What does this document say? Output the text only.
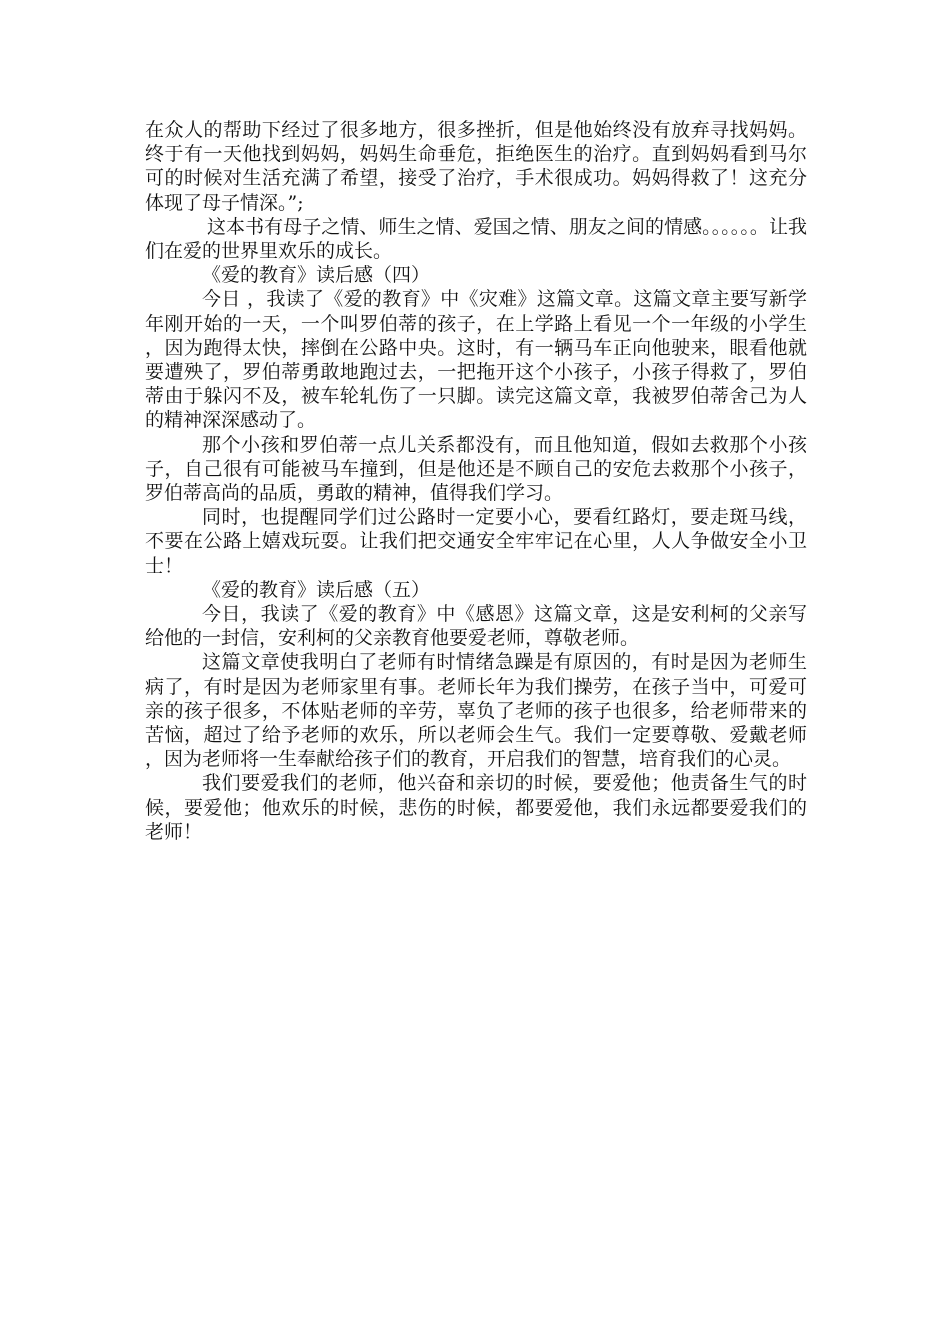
在众人的帮助下经过了很多地方，很多挫折，但是他始终没有放弃寻找妈妈。终于有一天他找到妈妈，妈妈生命垂危，拒绝医生的治疗。直到妈妈看到马尔可的时候对生活充满了希望，接受了治疗，手术很成功。妈妈得救了！这充分体现了母子情深。”;

这本书有母子之情、师生之情、爱国之情、朋友之间的情感。。。。。。让我们在爱的世界里欢乐的成长。

《爱的教育》读后感（四）

今日 ，我读了《爱的教育》中《灾难》这篇文章。这篇文章主要写新学年刚开始的一天，一个叫罗伯蒂的孩子，在上学路上看见一个一年级的小学生，因为跑得太快，摔倒在公路中央。这时，有一辆马车正向他驶来，眼看他就要遭殃了，罗伯蒂勇敢地跑过去，一把拖开这个小孩子，小孩子得救了，罗伯蒂由于躲闪不及，被车轮轧伤了一只脚。读完这篇文章，我被罗伯蒂舍己为人的精神深深感动了。

那个小孩和罗伯蒂一点儿关系都没有，而且他知道，假如去救那个小孩子，自己很有可能被马车撞到，但是他还是不顾自己的安危去救那个小孩子，罗伯蒂高尚的品质，勇敢的精神，值得我们学习。

同时，也提醒同学们过公路时一定要小心，要看红路灯，要走斑马线，不要在公路上嬉戏玩耍。让我们把交通安全牢牢记在心里，人人争做安全小卫士！

《爱的教育》读后感（五）

今日，我读了《爱的教育》中《感恩》这篇文章，这是安利柯的父亲写给他的一封信，安利柯的父亲教育他要爱老师，尊敬老师。

这篇文章使我明白了老师有时情绪急躁是有原因的，有时是因为老师生病了，有时是因为老师家里有事。老师长年为我们操劳，在孩子当中，可爱可亲的孩子很多，不体贴老师的辛劳，辜负了老师的孩子也很多，给老师带来的苦恼，超过了给予老师的欢乐，所以老师会生气。我们一定要尊敬、爱戴老师，因为老师将一生奉献给孩子们的教育，开启我们的智慧，培育我们的心灵。

我们要爱我们的老师，他兴奋和亲切的时候，要爱他；他责备生气的时候，要爱他；他欢乐的时候，悲伤的时候，都要爱他，我们永远都要爱我们的老师！
